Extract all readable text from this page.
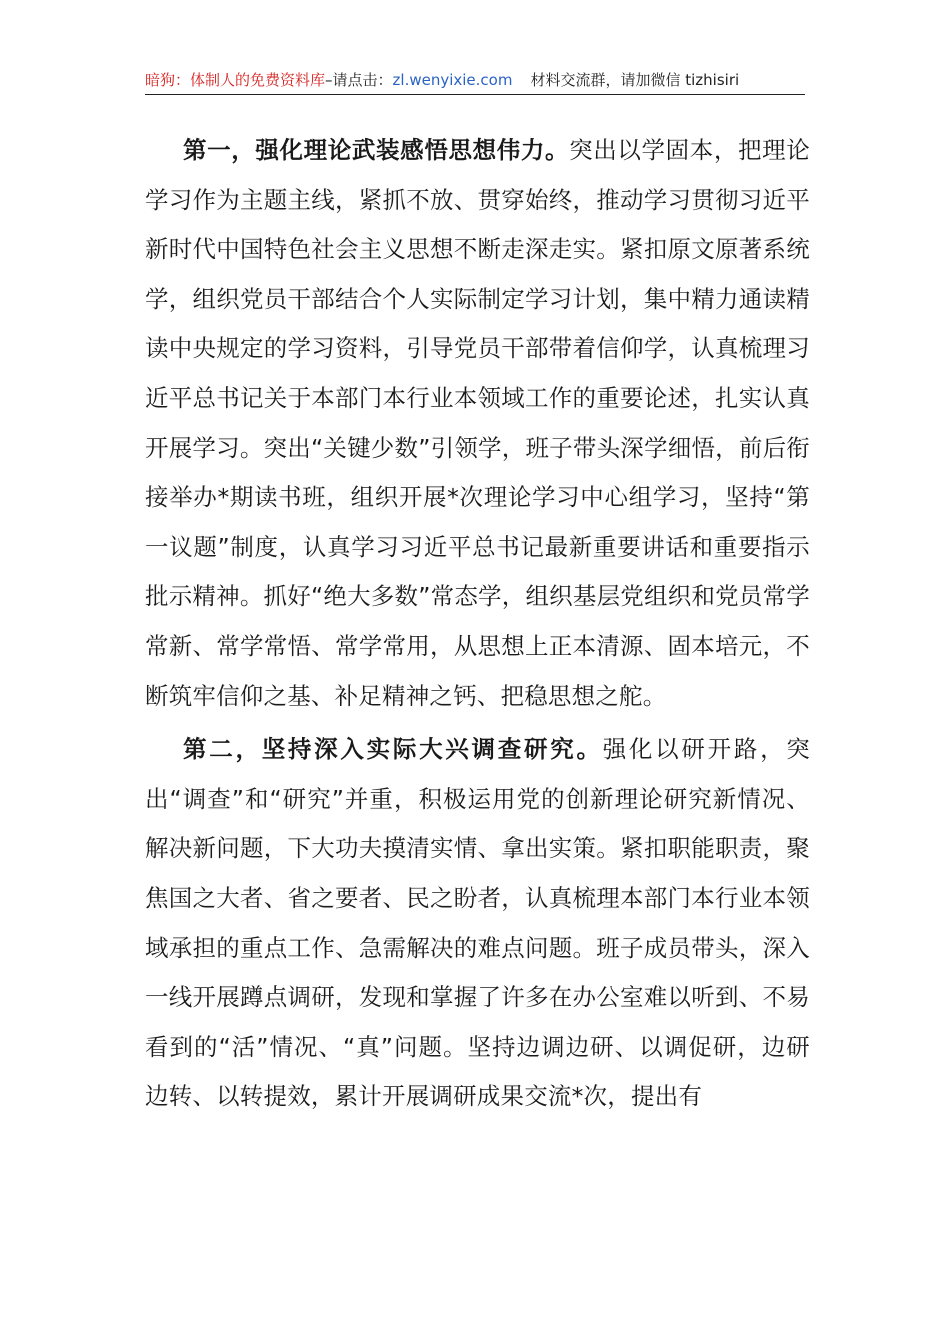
暗狗：体制人的免费资料库–请点击：zl.wenyixie.com 材料交流群，请加微信 tizhisiri

第一，强化理论武装感悟思想伟力。突出以学固本，把理论学习作为主题主线，紧抓不放、贯穿始终，推动学习贯彻习近平新时代中国特色社会主义思想不断走深走实。紧扣原文原著系统学，组织党员干部结合个人实际制定学习计划，集中精力通读精读中央规定的学习资料，引导党员干部带着信仰学，认真梳理习近平总书记关于本部门本行业本领域工作的重要论述，扎实认真开展学习。突出“关键少数”引领学，班子带头深学细悟，前后衔接举办*期读书班，组织开展*次理论学习中心组学习，坚持“第一议题”制度，认真学习习近平总书记最新重要讲话和重要指示批示精神。抓好“绝大多数”常态学，组织基层党组织和党员常学常新、常学常悟、常学常用，从思想上正本清源、固本培元，不断筑牢信仰之基、补足精神之钙、把稳思想之舵。

第二，坚持深入实际大兴调查研究。强化以研开路，突出“调查”和“研究”并重，积极运用党的创新理论研究新情况、解决新问题，下大功夫摸清实情、拿出实策。紧扣职能职责，聚焦国之大者、省之要者、民之盼者，认真梳理本部门本行业本领域承担的重点工作、急需解决的难点问题。班子成员带头，深入一线开展蹲点调研，发现和掌握了许多在办公室难以听到、不易看到的“活”情况、“真”问题。坚持边调边研、以调促研，边研边转、以转提效，累计开展调研成果交流*次，提出有
